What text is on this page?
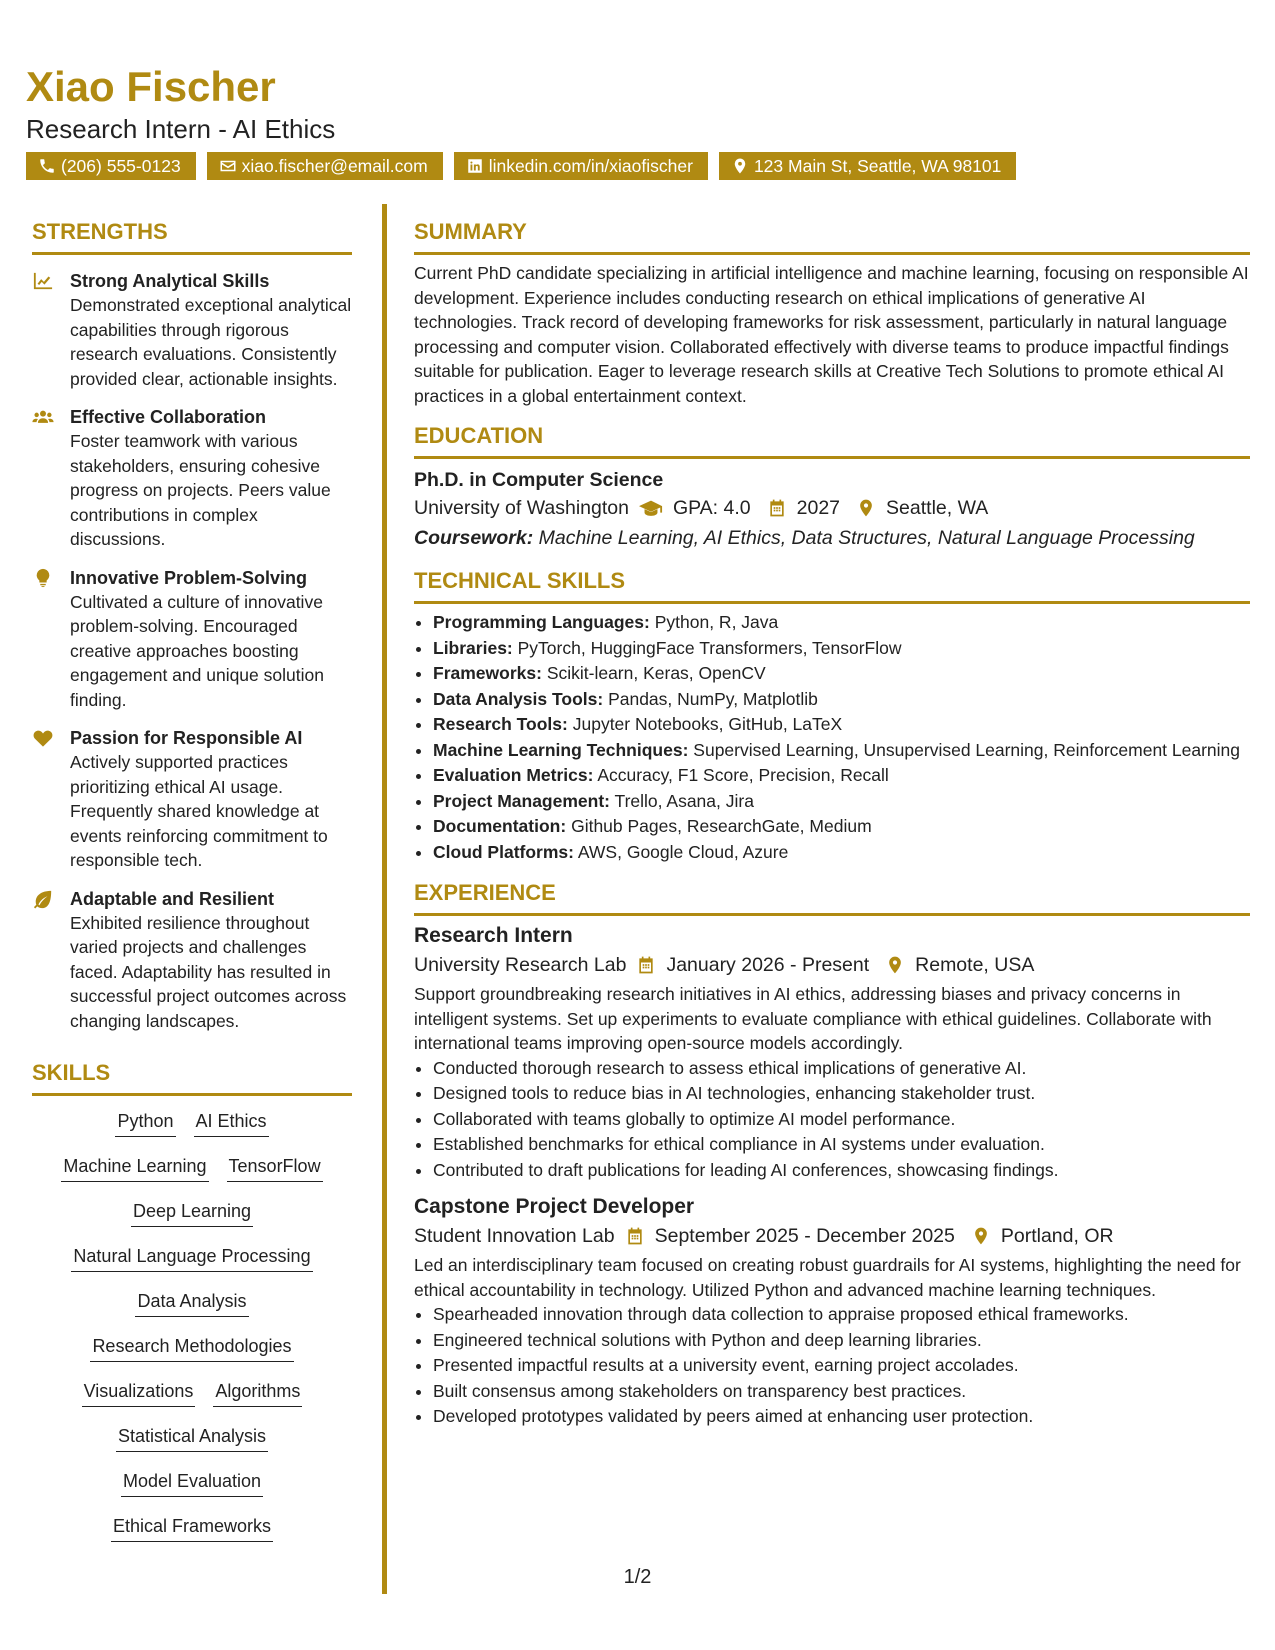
Xiao Fischer
Research Intern - AI Ethics
(206) 555-0123	xiao.fischer@email.com	linkedin.com/in/xiaofischer	123 Main St, Seattle, WA 98101
STRENGTHS
Strong Analytical Skills
Demonstrated exceptional analytical capabilities through rigorous research evaluations. Consistently provided clear, actionable insights.
Effective Collaboration
Foster teamwork with various stakeholders, ensuring cohesive progress on projects. Peers value contributions in complex discussions.
Innovative Problem-Solving
Cultivated a culture of innovative problem-solving. Encouraged creative approaches boosting engagement and unique solution finding.
Passion for Responsible AI
Actively supported practices prioritizing ethical AI usage. Frequently shared knowledge at events reinforcing commitment to responsible tech.
Adaptable and Resilient
Exhibited resilience throughout varied projects and challenges faced. Adaptability has resulted in successful project outcomes across changing landscapes.
SKILLS
Python AI Ethics
Machine Learning TensorFlow
Deep Learning
Natural Language Processing
Data Analysis
Research Methodologies
Visualizations Algorithms
Statistical Analysis
Model Evaluation
Ethical Frameworks
SUMMARY

Current PhD candidate specializing in artificial intelligence and machine learning, focusing on responsible AI development. Experience includes conducting research on ethical implications of generative AI technologies. Track record of developing frameworks for risk assessment, particularly in natural language processing and computer vision. Collaborated effectively with diverse teams to produce impactful findings suitable for publication. Eager to leverage research skills at Creative Tech Solutions to promote ethical AI practices in a global entertainment context.

EDUCATION
Ph.D. in Computer Science
University of Washington GPA: 4.0 2027 Seattle, WA

Coursework: Machine Learning, AI Ethics, Data Structures, Natural Language Processing

TECHNICAL SKILLS
• Programming Languages: Python, R, Java
• Libraries: PyTorch, HuggingFace Transformers, TensorFlow
• Frameworks: Scikit-learn, Keras, OpenCV
• Data Analysis Tools: Pandas, NumPy, Matplotlib
• Research Tools: Jupyter Notebooks, GitHub, LaTeX
• Machine Learning Techniques: Supervised Learning, Unsupervised Learning, Reinforcement Learning
• Evaluation Metrics: Accuracy, F1 Score, Precision, Recall
• Project Management: Trello, Asana, Jira
• Documentation: Github Pages, ResearchGate, Medium
• Cloud Platforms: AWS, Google Cloud, Azure
EXPERIENCE
Research Intern
University Research Lab January 2026 - Present Remote, USA

Support groundbreaking research initiatives in AI ethics, addressing biases and privacy concerns in intelligent systems. Set up experiments to evaluate compliance with ethical guidelines. Collaborate with international teams improving open-source models accordingly.

• Conducted thorough research to assess ethical implications of generative AI.
• Designed tools to reduce bias in AI technologies, enhancing stakeholder trust.
• Collaborated with teams globally to optimize AI model performance.
• Established benchmarks for ethical compliance in AI systems under evaluation.
• Contributed to draft publications for leading AI conferences, showcasing findings.
Capstone Project Developer
Student Innovation Lab September 2025 - December 2025 Portland, OR

Led an interdisciplinary team focused on creating robust guardrails for AI systems, highlighting the need for ethical accountability in technology. Utilized Python and advanced machine learning techniques.

• Spearheaded innovation through data collection to appraise proposed ethical frameworks.
• Engineered technical solutions with Python and deep learning libraries.
• Presented impactful results at a university event, earning project accolades.
• Built consensus among stakeholders on transparency best practices.
• Developed prototypes validated by peers aimed at enhancing user protection.
1/2
